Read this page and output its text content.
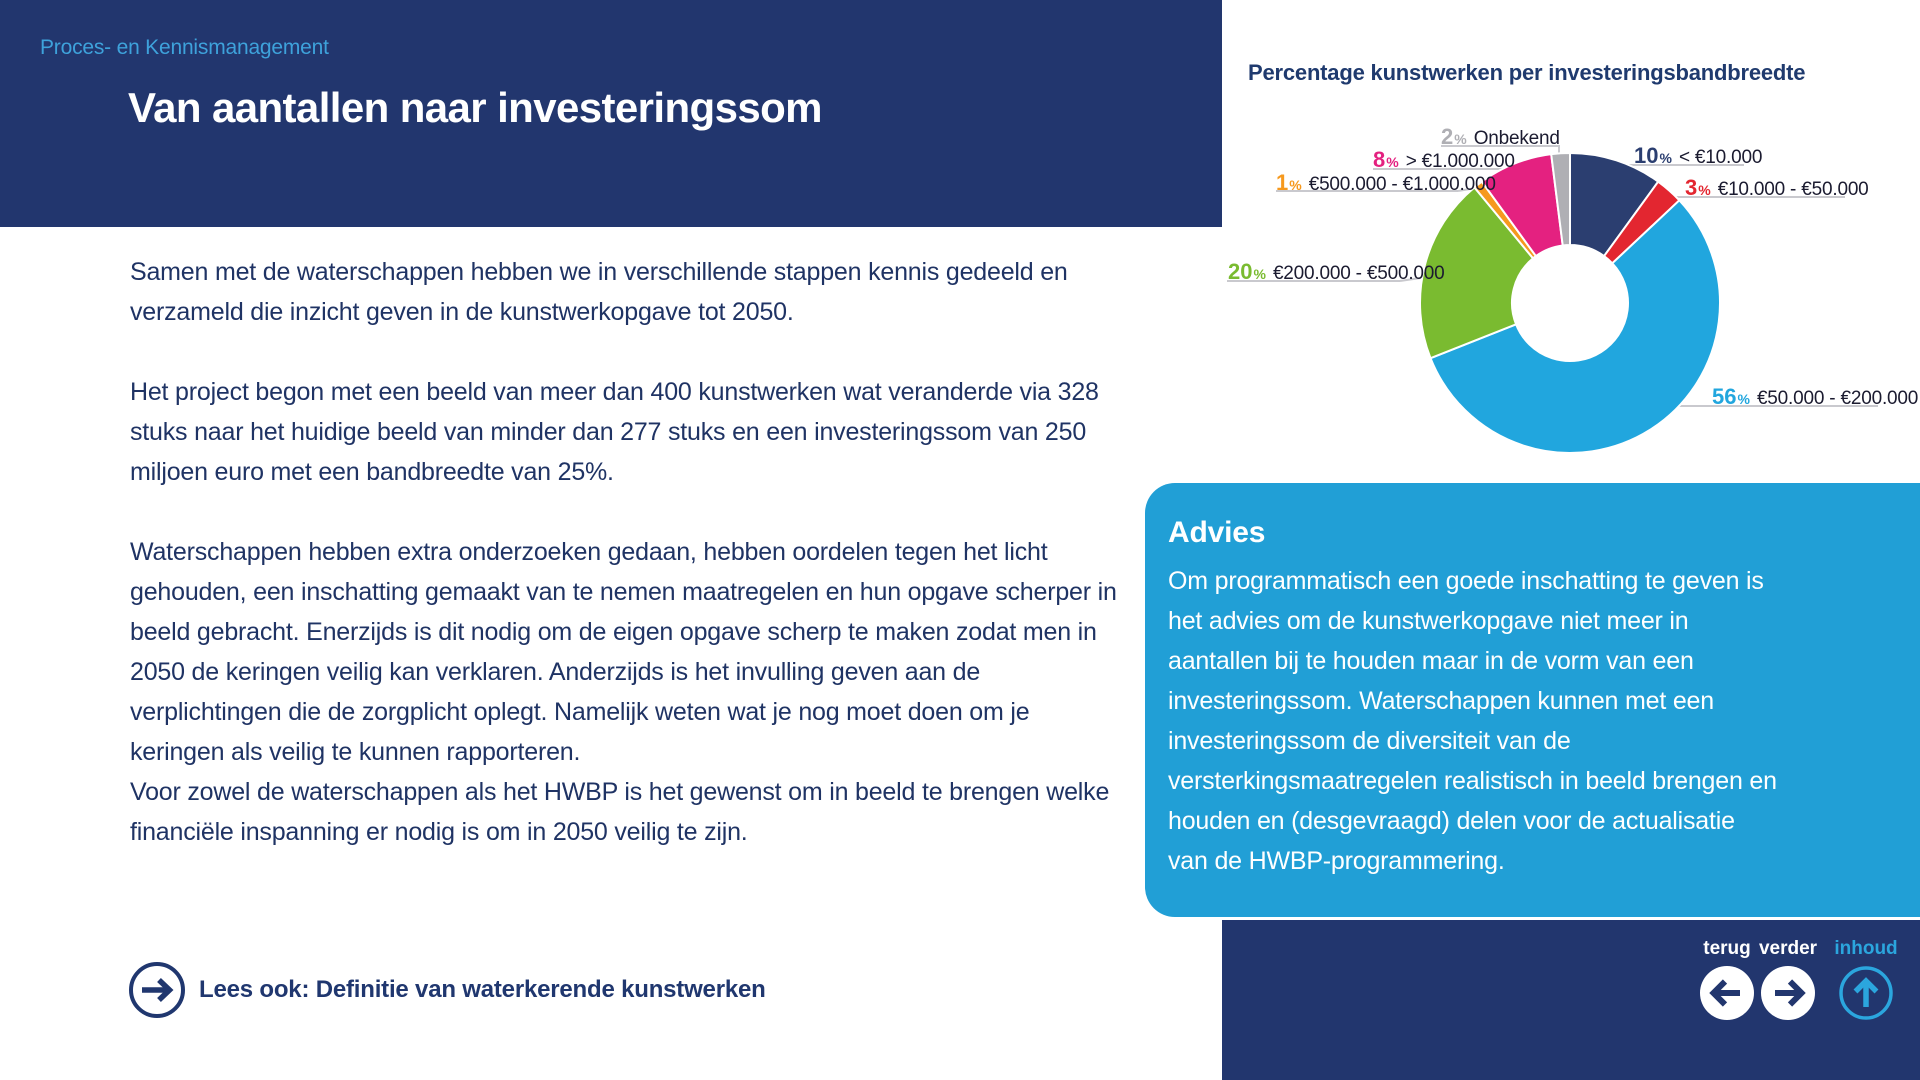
Proces- en Kennismanagement
Van aantallen naar investeringssom

Samen met de waterschappen hebben we in verschillende stappen kennis gedeeld en verzameld die inzicht geven in de kunstwerkopgave tot 2050.

Het project begon met een beeld van meer dan 400 kunstwerken wat veranderde via 328 stuks naar het huidige beeld van minder dan 277 stuks en een investeringssom van 250 miljoen euro met een bandbreedte van 25%.

Waterschappen hebben extra onderzoeken gedaan, hebben oordelen tegen het licht gehouden, een inschatting gemaakt van te nemen maatregelen en hun opgave scherper in beeld gebracht. Enerzijds is dit nodig om de eigen opgave scherp te maken zodat men in 2050 de keringen veilig kan verklaren. Anderzijds is het invulling geven aan de verplichtingen die de zorgplicht oplegt. Namelijk weten wat je nog moet doen om je keringen als veilig te kunnen rapporteren.

Voor zowel de waterschappen als het HWBP is het gewenst om in beeld te brengen welke financiële inspanning er nodig is om in 2050 veilig te zijn.

Lees ook: Definitie van waterkerende kunstwerken
Percentage kunstwerken per investeringsbandbreedte
10 % < €10.000
3 % €10.000 - €50.000
56 % €50.000 - €200.000
20 % €200.000 - €500.000
1 % €500.000 - €1.000.000
8 % > €1.000.000
2 % Onbekend
Advies
Om programmatisch een goede inschatting te geven is het advies om de kunstwerkopgave niet meer in aantallen bij te houden maar in de vorm van een investeringssom. Waterschappen kunnen met een investeringssom de diversiteit van de versterkingsmaatregelen realistisch in beeld brengen en houden en (desgevraagd) delen voor de actualisatie van de HWBP-programmering.
terug verder inhoud
